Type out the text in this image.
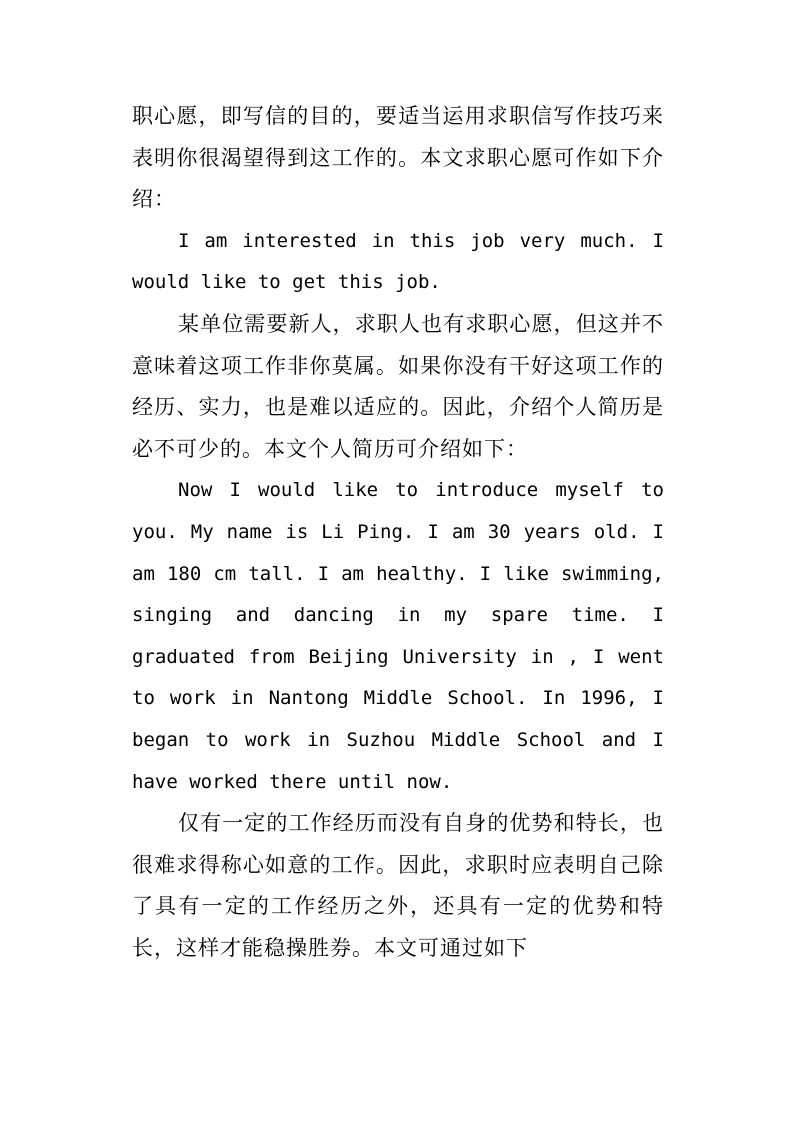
职心愿，即写信的目的，要适当运用求职信写作技巧来表明你很渴望得到这工作的。本文求职心愿可作如下介绍：

I am interested in this job very much. I would like to get this job.

某单位需要新人，求职人也有求职心愿，但这并不意味着这项工作非你莫属。如果你没有干好这项工作的经历、实力，也是难以适应的。因此，介绍个人简历是必不可少的。本文个人简历可介绍如下：

Now I would like to introduce myself to you. My name is Li Ping. I am 30 years old. I am 180 cm tall. I am healthy. I like swimming, singing and dancing in my spare time. I graduated from Beijing University in , I went to work in Nantong Middle School. In 1996, I began to work in Suzhou Middle School and I have worked there until now.

仅有一定的工作经历而没有自身的优势和特长，也很难求得称心如意的工作。因此，求职时应表明自己除了具有一定的工作经历之外，还具有一定的优势和特长，这样才能稳操胜券。本文可通过如下
